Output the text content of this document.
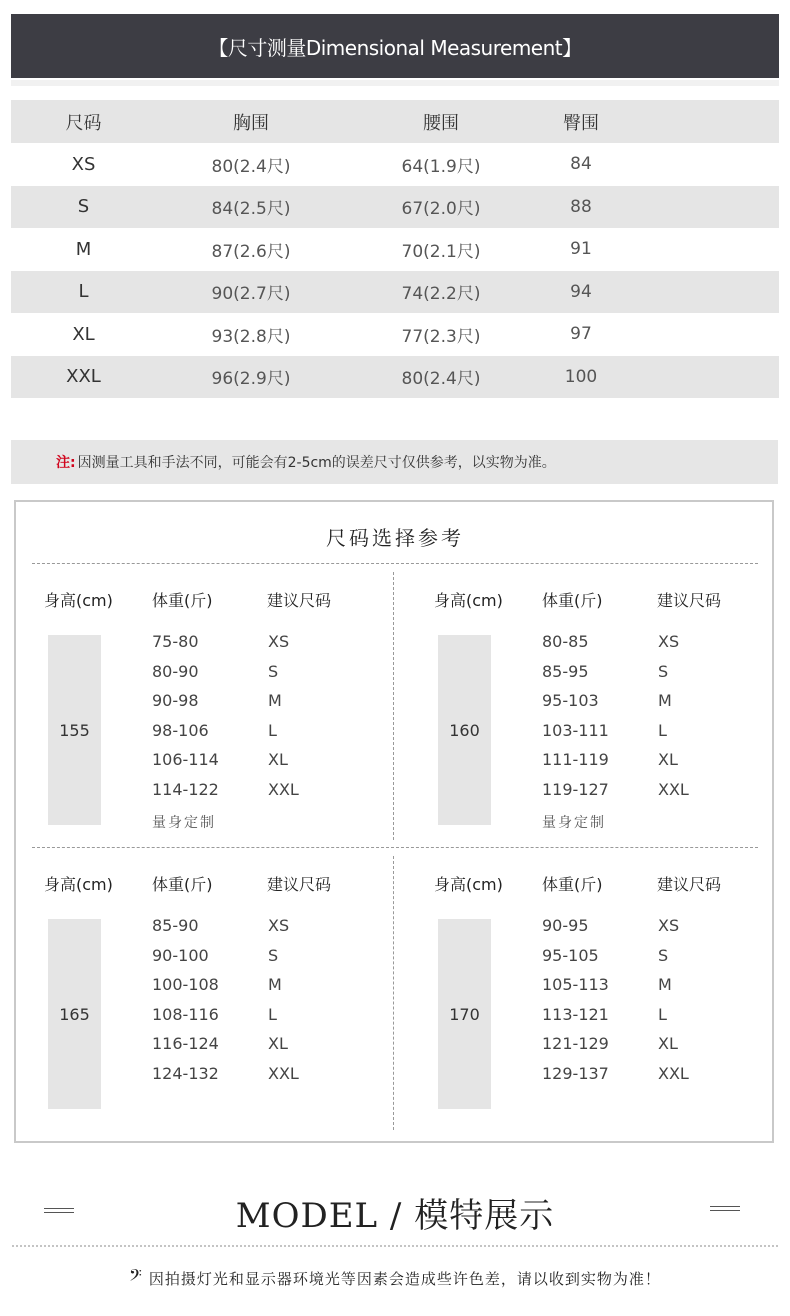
【尺寸测量Dimensional Measurement】
尺码	胸围	腰围	臀围
XS	80(2.4尺)	64(1.9尺)	84
S	84(2.5尺)	67(2.0尺)	88
M	87(2.6尺)	70(2.1尺)	91
L	90(2.7尺)	74(2.2尺)	94
XL	93(2.8尺)	77(2.3尺)	97
XXL	96(2.9尺)	80(2.4尺)	100
注: 因测量工具和手法不同，可能会有2-5cm的误差尺寸仅供参考，以实物为准。
尺码选择参考
身高(cm) 体重(斤)	建议尺码
155
75-80	XS
80-90	S
90-98	M
98-106	L
106-114	XL
114-122	XXL
量身定制
身高(cm) 体重(斤)	建议尺码
160
80-85	XS
85-95	S
95-103	M
103-111	L
111-119	XL
119-127	XXL
量身定制
身高(cm) 体重(斤)	建议尺码
165
85-90	XS
90-100	S
100-108	M
108-116	L
116-124	XL
124-132	XXL
身高(cm) 体重(斤)	建议尺码
170
90-95	XS
95-105	S
105-113	M
113-121	L
121-129	XL
129-137	XXL
MODEL / 模特展示
𝄢 因拍摄灯光和显示器环境光等因素会造成些许色差，请以收到实物为准！
